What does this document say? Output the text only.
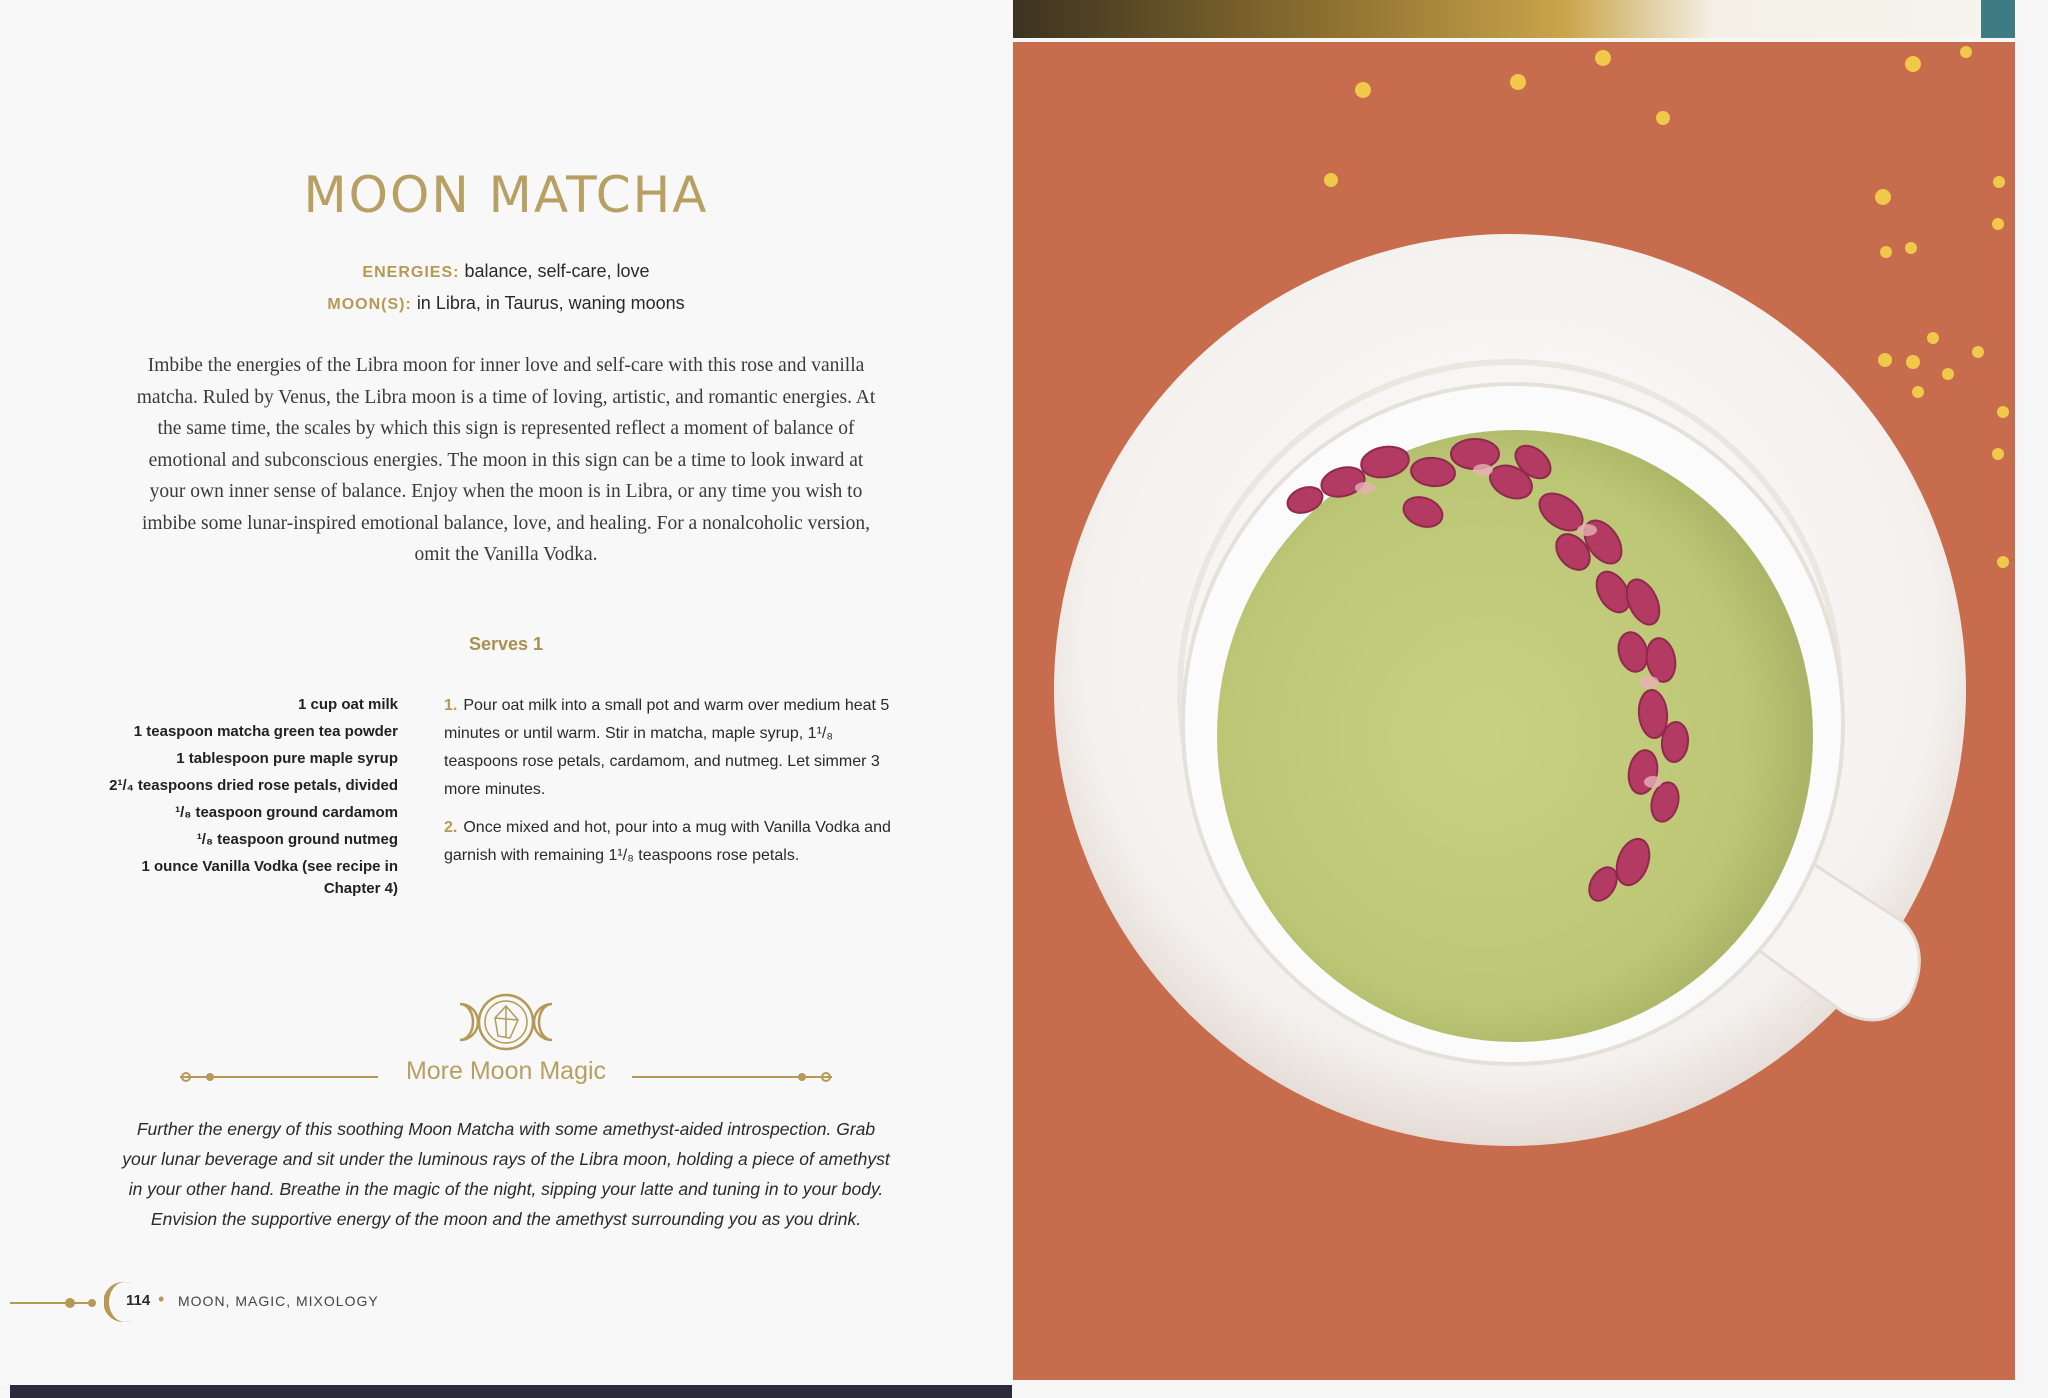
MOON MATCHA
ENERGIES: balance, self-care, love
MOON(S): in Libra, in Taurus, waning moons
Imbibe the energies of the Libra moon for inner love and self-care with this rose and vanilla matcha. Ruled by Venus, the Libra moon is a time of loving, artistic, and romantic energies. At the same time, the scales by which this sign is represented reflect a moment of balance of emotional and subconscious energies. The moon in this sign can be a time to look inward at your own inner sense of balance. Enjoy when the moon is in Libra, or any time you wish to imbibe some lunar-inspired emotional balance, love, and healing. For a nonalcoholic version, omit the Vanilla Vodka.
Serves 1
1 cup oat milk
1 teaspoon matcha green tea powder
1 tablespoon pure maple syrup
2¹/₄ teaspoons dried rose petals, divided
¹/₈ teaspoon ground cardamom
¹/₈ teaspoon ground nutmeg
1 ounce Vanilla Vodka (see recipe in Chapter 4)
1. Pour oat milk into a small pot and warm over medium heat 5 minutes or until warm. Stir in matcha, maple syrup, 1¹/₈ teaspoons rose petals, cardamom, and nutmeg. Let simmer 3 more minutes.
2. Once mixed and hot, pour into a mug with Vanilla Vodka and garnish with remaining 1¹/₈ teaspoons rose petals.
More Moon Magic
Further the energy of this soothing Moon Matcha with some amethyst-aided introspection. Grab your lunar beverage and sit under the luminous rays of the Libra moon, holding a piece of amethyst in your other hand. Breathe in the magic of the night, sipping your latte and tuning in to your body. Envision the supportive energy of the moon and the amethyst surrounding you as you drink.
114 • MOON, MAGIC, MIXOLOGY
